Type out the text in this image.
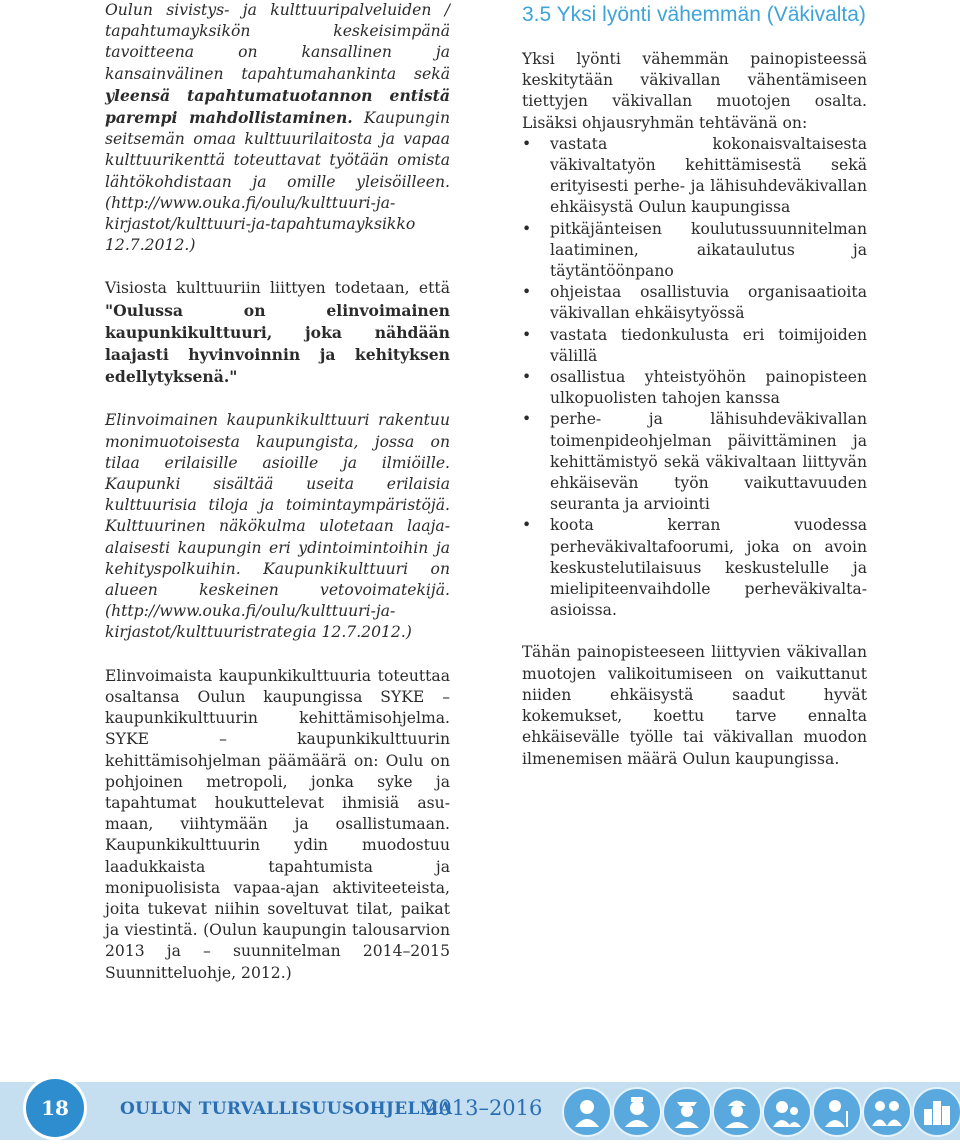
Oulun sivistys- ja kulttuuripalveluiden / tapahtumayksikön keskeisimpänä tavoitteena on kansallinen ja kansainvälinen tapahtumahankinta sekä yleensä tapahtumatuotannon entistä parempi mahdollistaminen. Kaupungin seitsemän omaa kulttuurilaitosta ja vapaa kulttuurikenttä toteuttavat työtään omista lähtökohdistaan ja omille yleisöilleen. (http://www.ouka.fi/oulu/kulttuuri-ja-kirjastot/kulttuuri-ja-tapahtumayksikko 12.7.2012.)

Visiosta kulttuuriin liittyen todetaan, että "Oulussa on elinvoimainen kaupunkikulttuuri, joka nähdään laajasti hyvinvoinnin ja kehityksen edellytyksenä."

Elinvoimainen kaupunkikulttuuri rakentuu monimuotoisesta kaupungista, jossa on tilaa erilaisille asioille ja ilmiöille. Kaupunki sisältää useita erilaisia kulttuurisia tiloja ja toimintaympäristöjä. Kulttuurinen näkökulma ulotetaan laaja-alaisesti kaupungin eri ydintoimintoihin ja kehityspolkuihin. Kaupunkikulttuuri on alueen keskeinen vetovoimatekijä. (http://www.ouka.fi/oulu/kulttuuri-ja-kirjastot/kulttuuristrategia 12.7.2012.)

Elinvoimaista kaupunkikulttuuria toteuttaa osaltansa Oulun kaupungissa SYKE – kaupunkikulttuurin kehittämisohjelma. SYKE – kaupunkikulttuurin kehittämisohjelman päämäärä on: Oulu on pohjoinen metropoli, jonka syke ja tapahtumat houkuttelevat ihmisiä asumaan, viihtymään ja osallistumaan. Kaupunkikulttuurin ydin muodostuu laadukkaista tapahtumista ja monipuolisista vapaa-ajan aktiviteeteista, joita tukevat niihin soveltuvat tilat, paikat ja viestintä. (Oulun kaupungin talousarvion 2013 ja – suunnitelman 2014–2015 Suunnitteluohje, 2012.)

3.5 Yksi lyönti vähemmän (Väkivalta)

Yksi lyönti vähemmän painopisteessä keskitytään väkivallan vähentämiseen tiettyjen väkivallan muotojen osalta. Lisäksi ohjausryhmän tehtävänä on:

• vastata kokonaisvaltaisesta väkivaltatyön kehittämisestä sekä erityisesti perhe- ja lähisuhdeväkivallan ehkäisystä Oulun kaupungissa
• pitkäjänteisen koulutussuunnitelman laatiminen, aikataulutus ja täytäntöönpano
• ohjeistaa osallistuvia organisaatioita väkivallan ehkäisytyössä
• vastata tiedonkulusta eri toimijoiden välillä
• osallistua yhteistyöhön painopisteen ulkopuolisten tahojen kanssa
• perhe- ja lähisuhdeväkivallan toimenpideohjelman päivittäminen ja kehittämistyö sekä väkivaltaan liittyvän ehkäisevän työn vaikuttavuuden seuranta ja arviointi
• koota kerran vuodessa perheväkivaltafoorumi, joka on avoin keskustelutilaisuus keskustelulle ja mielipiteenvaihdolle perheväkivalta-asioissa.

Tähän painopisteeseen liittyvien väkivallan muotojen valikoitumiseen on vaikuttanut niiden ehkäisystä saadut hyvät kokemukset, koettu tarve ennalta ehkäisevälle työlle tai väkivallan muodon ilmenemisen määrä Oulun kaupungissa.

18	OULUN TURVALLISUUSOHJELMA
2013–2016
